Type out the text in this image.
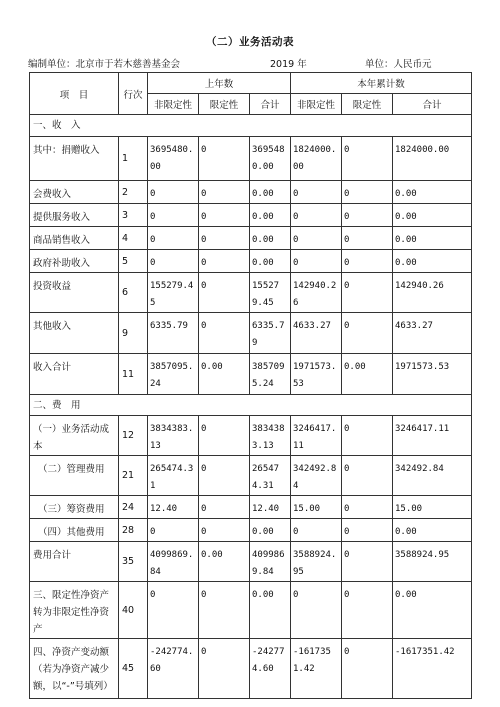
（二）业务活动表
编制单位：北京市于若木慈善基金会	2019 年	单位：人民币元
项　目	行次	上年数			本年累计数		
		非限定性	限定性	合计	非限定性	限定性	合计
一、收　入							
其中：捐赠收入	1	3695480.00	0	3695480.00	1824000.00	0	1824000.00
会费收入	2	0	0	0.00	0	0	0.00
提供服务收入	3	0	0	0.00	0	0	0.00
商品销售收入	4	0	0	0.00	0	0	0.00
政府补助收入	5	0	0	0.00	0	0	0.00
投资收益	6	155279.45	0	155279.45	142940.26	0	142940.26
其他收入	9	6335.79	0	6335.79	4633.27	0	4633.27
收入合计	11	3857095.24	0.00	3857095.24	1971573.53	0.00	1971573.53
二、费　用							
（一）业务活动成本	12	3834383.13	0	3834383.13	3246417.11	0	3246417.11
（二）管理费用	21	265474.31	0	265474.31	342492.84	0	342492.84
（三）筹资费用	24	12.40	0	12.40	15.00	0	15.00
（四）其他费用	28	0	0	0.00	0	0	0.00
费用合计	35	4099869.84	0.00	4099869.84	3588924.95	0	3588924.95
三、限定性净资产转为非限定性净资产	40	0	0	0.00	0	0	0.00
四、净资产变动额（若为净资产减少额，以“-”号填列）	45	-242774.60	0	-242774.60	-1617351.42	0	-1617351.42
